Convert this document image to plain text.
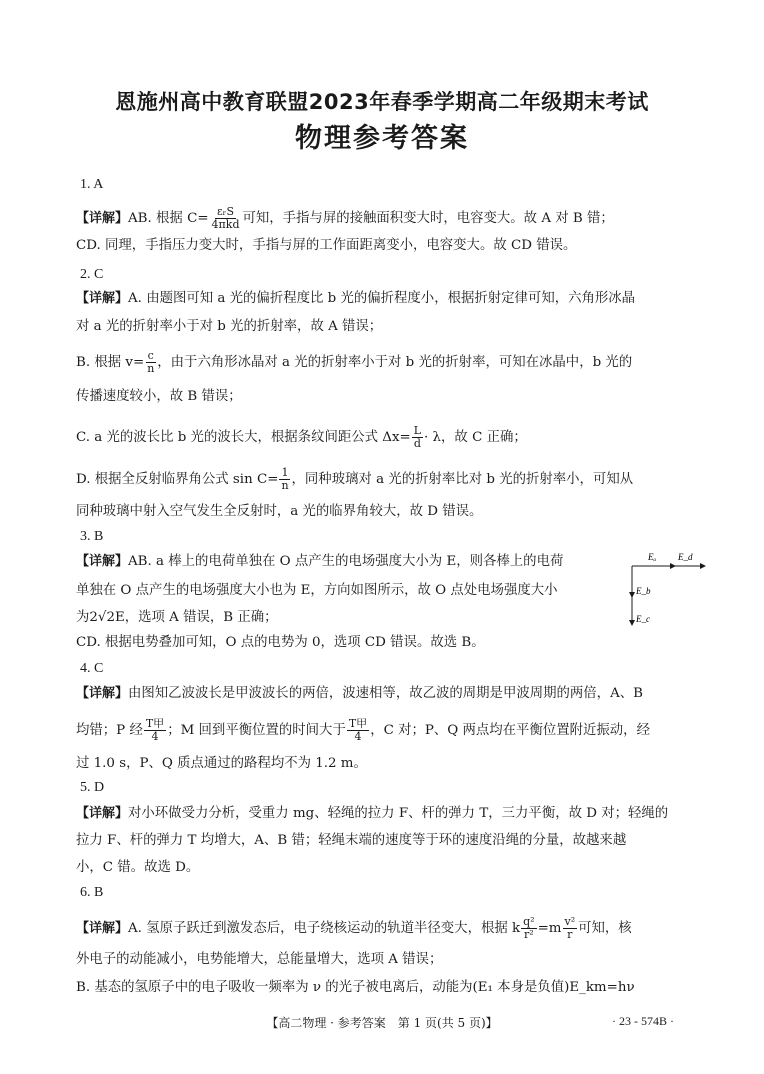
恩施州高中教育联盟2023年春季学期高二年级期末考试
物理参考答案
1. A
【详解】AB. 根据 $C= \frac{\text{εᵣS}}{\text{4πkd}}$ 可知，手指与屏的接触面积变大时，电容变大。故 A 对 B 错；
CD. 同理，手指压力变大时，手指与屏的工作面距离变小，电容变大。故 CD 错误。
2. C
【详解】A. 由题图可知 a 光的偏折程度比 b 光的偏折程度小，根据折射定律可知，六角形冰晶
对 a 光的折射率小于对 b 光的折射率，故 A 错误；
B. 根据 $v= \frac{c}{n}$ ，由于六角形冰晶对 a 光的折射率小于对 b 光的折射率，可知在冰晶中，b 光的
传播速度较小，故 B 错误；
C. a 光的波长比 b 光的波长大，根据条纹间距公式 $\Delta x= \frac{L}{d} \cdot \lambda$，故 C 正确；
D. 根据全反射临界角公式 $\sin C= \frac{1}{n}$ ，同种玻璃对 a 光的折射率比对 b 光的折射率小，可知从
同种玻璃中射入空气发生全反射时，a 光的临界角较大，故 D 错误。
3. B
【详解】AB. a 棒上的电荷单独在 O 点产生的电场强度大小为 E，则各棒上的电荷
单独在 O 点产生的电场强度大小也为 E，方向如图所示，故 O 点处电场强度大小
为2√2E，选项 A 错误，B 正确；
CD. 根据电势叠加可知，O 点的电势为 0，选项 CD 错误。故选 B。
Eₐ E_d
E_b
E_c
4. C
【详解】由图知乙波波长是甲波波长的两倍，波速相等，故乙波的周期是甲波周期的两倍，A、B
均错；P 经 $\frac{\text{T甲}}{4}$ ；M 回到平衡位置的时间大于 $\frac{\text{T甲}}{4}$ ，C 对；P、Q 两点均在平衡位置附近振动，经
过 1.0 s，P、Q 质点通过的路程均不为 1.2 m。
5. D
【详解】对小环做受力分析，受重力 mg、轻绳的拉力 F、杆的弹力 T，三力平衡，故 D 对；轻绳的
拉力 F、杆的弹力 T 均增大，A、B 错；轻绳末端的速度等于环的速度沿绳的分量，故越来越
小，C 错。故选 D。
6. B
【详解】A. 氢原子跃迁到激发态后，电子绕核运动的轨道半径变大，根据 k $\frac{\text{q²}}{\text{r²}} =m \frac{\text{v²}}{r}$ 可知，核
外电子的动能减小，电势能增大，总能量增大，选项 A 错误；
B. 基态的氢原子中的电子吸收一频率为 ν 的光子被电离后，动能为(E₁ 本身是负值)E_km=hν
【高二物理 · 参考答案　第 1 页(共 5 页)】	· 23 - 574B ·
